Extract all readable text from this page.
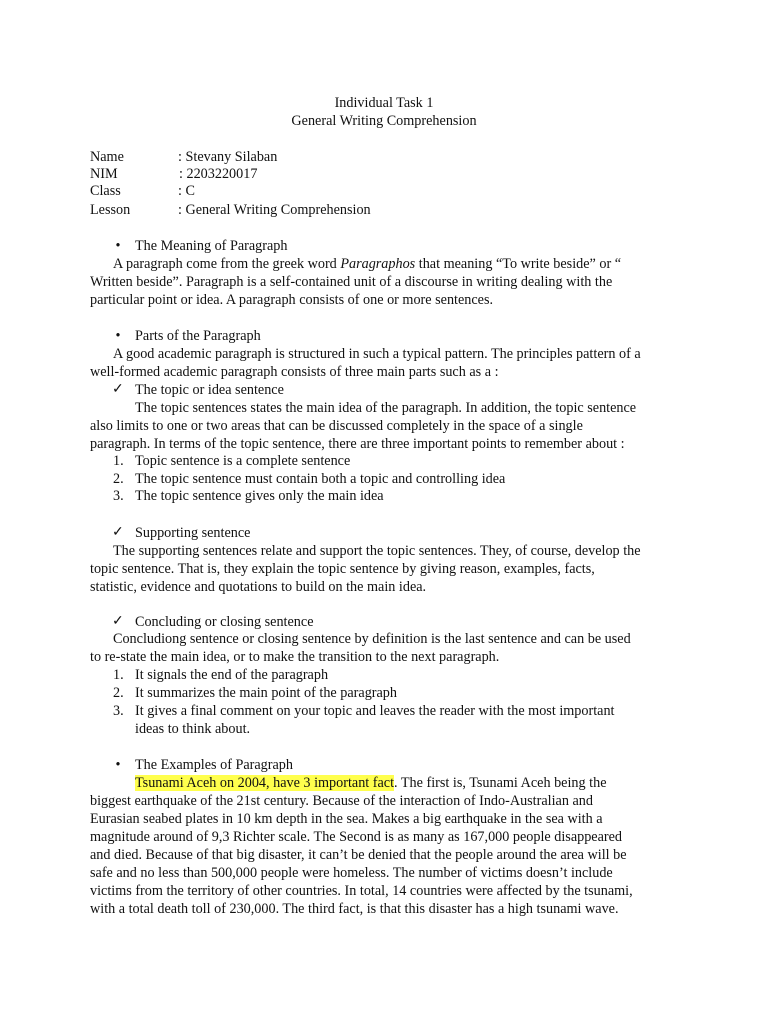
Individual Task 1
General Writing Comprehension
Name	: Stevany Silaban
NIM	: 2203220017
Class	: C
Lesson	: General Writing Comprehension
•	The Meaning of Paragraph
A paragraph come from the greek word Paragraphos that meaning “To write beside” or “
Written beside”. Paragraph is a self-contained unit of a discourse in writing dealing with the
particular point or idea. A paragraph consists of one or more sentences.
•	Parts of the Paragraph
A good academic paragraph is structured in such a typical pattern. The principles pattern of a
well-formed academic paragraph consists of three main parts such as a :
✓ The topic or idea sentence
The topic sentences states the main idea of the paragraph. In addition, the topic sentence
also limits to one or two areas that can be discussed completely in the space of a single
paragraph. In terms of the topic sentence, there are three important points to remember about :
1. Topic sentence is a complete sentence
2. The topic sentence must contain both a topic and controlling idea
3. The topic sentence gives only the main idea
✓ Supporting sentence
The supporting sentences relate and support the topic sentences. They, of course, develop the
topic sentence. That is, they explain the topic sentence by giving reason, examples, facts,
statistic, evidence and quotations to build on the main idea.
✓ Concluding or closing sentence
Concludiong sentence or closing sentence by definition is the last sentence and can be used
to re-state the main idea, or to make the transition to the next paragraph.
1. It signals the end of the paragraph
2. It summarizes the main point of the paragraph
3. It gives a final comment on your topic and leaves the reader with the most important
ideas to think about.
•	The Examples of Paragraph
Tsunami Aceh on 2004, have 3 important fact. The first is, Tsunami Aceh being the
biggest earthquake of the 21st century. Because of the interaction of Indo-Australian and
Eurasian seabed plates in 10 km depth in the sea. Makes a big earthquake in the sea with a
magnitude around of 9,3 Richter scale. The Second is as many as 167,000 people disappeared
and died. Because of that big disaster, it can’t be denied that the people around the area will be
safe and no less than 500,000 people were homeless. The number of victims doesn’t include
victims from the territory of other countries. In total, 14 countries were affected by the tsunami,
with a total death toll of 230,000. The third fact, is that this disaster has a high tsunami wave.
